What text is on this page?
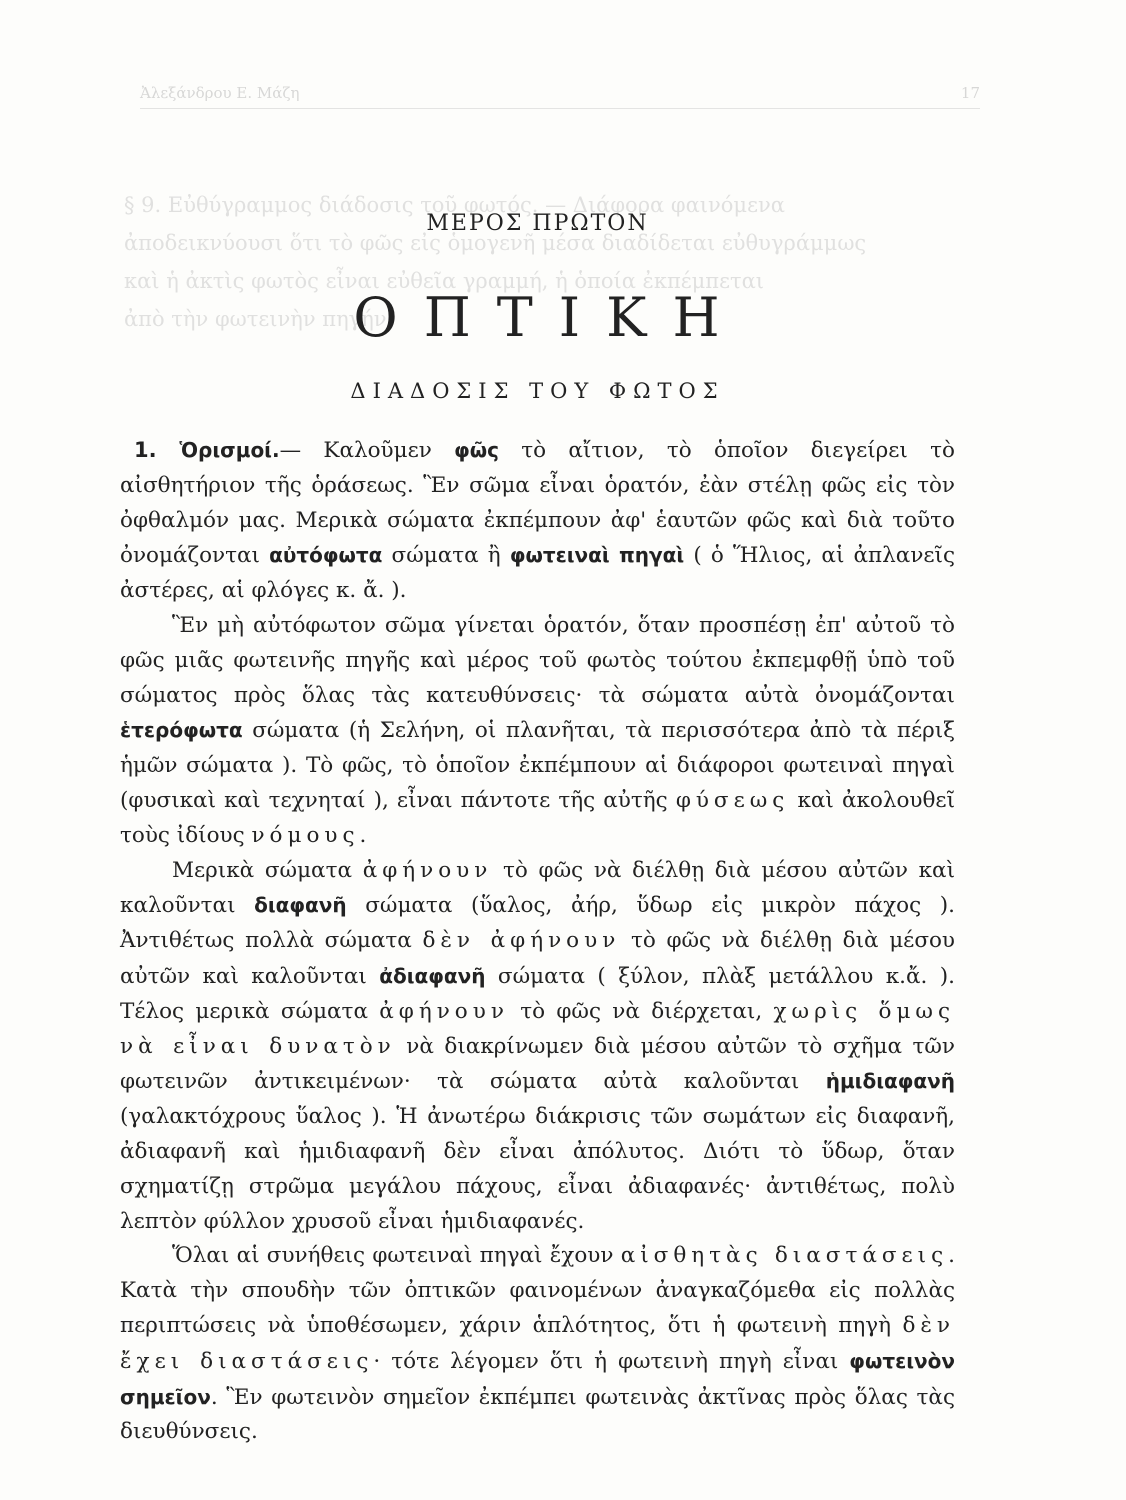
Ἀλεξάνδρου Ε. Μάζη	17
§ 9. Εὐθύγραμμος διάδοσις τοῦ φωτός. — Διάφορα φαινόμενα
ἀποδεικνύουσι ὅτι τὸ φῶς εἰς ὁμογενῆ μέσα διαδίδεται εὐθυγράμμως
καὶ ἡ ἀκτὶς φωτὸς εἶναι εὐθεῖα γραμμή, ἡ ὁποία ἐκπέμπεται
ἀπὸ τὴν φωτεινὴν πηγήν.
ΜΕΡΟΣ ΠΡΩΤΟΝ
ΟΠΤΙΚΗ
ΔΙΑΔΟΣΙΣ ΤΟΥ ΦΩΤΟΣ

1. Ὁρισμοί.— Καλοῦμεν φῶς τὸ αἴτιον, τὸ ὁποῖον διεγείρει τὸ αἰσθητήριον τῆς ὁράσεως. Ἓν σῶμα εἶναι ὁρατόν, ἐὰν στέλῃ φῶς εἰς τὸν ὀφθαλμόν μας. Μερικὰ σώματα ἐκπέμπουν ἀφ' ἑαυτῶν φῶς καὶ διὰ τοῦτο ὀνομάζονται αὐτόφωτα σώματα ἢ φωτειναὶ πηγαὶ ( ὁ Ἥλιος, αἱ ἀπλανεῖς ἀστέρες, αἱ φλόγες κ. ἄ. ).

Ἓν μὴ αὐτόφωτον σῶμα γίνεται ὁρατόν, ὅταν προσπέσῃ ἐπ' αὐτοῦ τὸ φῶς μιᾶς φωτεινῆς πηγῆς καὶ μέρος τοῦ φωτὸς τούτου ἐκπεμφθῇ ὑπὸ τοῦ σώματος πρὸς ὅλας τὰς κατευθύνσεις· τὰ σώματα αὐτὰ ὀνομάζονται ἑτερόφωτα σώματα (ἡ Σελήνη, οἱ πλανῆται, τὰ περισσότερα ἀπὸ τὰ πέριξ ἡμῶν σώματα ). Τὸ φῶς, τὸ ὁποῖον ἐκπέμπουν αἱ διάφοροι φωτειναὶ πηγαὶ (φυσικαὶ καὶ τεχνηταί ), εἶναι πάντοτε τῆς αὐτῆς φύσεως καὶ ἀκολουθεῖ τοὺς ἰδίους νόμους.

Μερικὰ σώματα ἀφήνουν τὸ φῶς νὰ διέλθῃ διὰ μέσου αὐτῶν καὶ καλοῦνται διαφανῆ σώματα (ὕαλος, ἀήρ, ὕδωρ εἰς μικρὸν πάχος ). Ἀντιθέτως πολλὰ σώματα δὲν ἀφήνουν τὸ φῶς νὰ διέλθῃ διὰ μέσου αὐτῶν καὶ καλοῦνται ἀδιαφανῆ σώματα ( ξύλον, πλὰξ μετάλλου κ.ἄ. ). Τέλος μερικὰ σώματα ἀφήνουν τὸ φῶς νὰ διέρχεται, χωρὶς ὅμως νὰ εἶναι δυνατὸν νὰ διακρίνωμεν διὰ μέσου αὐτῶν τὸ σχῆμα τῶν φωτεινῶν ἀντικειμένων· τὰ σώματα αὐτὰ καλοῦνται ἡμιδιαφανῆ (γαλακτόχρους ὕαλος ). Ἡ ἀνωτέρω διάκρισις τῶν σωμάτων εἰς διαφανῆ, ἀδιαφανῆ καὶ ἡμιδιαφανῆ δὲν εἶναι ἀπόλυτος. Διότι τὸ ὕδωρ, ὅταν σχηματίζῃ στρῶμα μεγάλου πάχους, εἶναι ἀδιαφανές· ἀντιθέτως, πολὺ λεπτὸν φύλλον χρυσοῦ εἶναι ἡμιδιαφανές.

Ὅλαι αἱ συνήθεις φωτειναὶ πηγαὶ ἔχουν αἰσθητὰς διαστάσεις. Κατὰ τὴν σπουδὴν τῶν ὀπτικῶν φαινομένων ἀναγκαζόμεθα εἰς πολλὰς περιπτώσεις νὰ ὑποθέσωμεν, χάριν ἁπλότητος, ὅτι ἡ φωτεινὴ πηγὴ δὲν ἔχει διαστάσεις· τότε λέγομεν ὅτι ἡ φωτεινὴ πηγὴ εἶναι φωτεινὸν σημεῖον. Ἓν φωτεινὸν σημεῖον ἐκπέμπει φωτεινὰς ἀκτῖνας πρὸς ὅλας τὰς διευθύνσεις.
